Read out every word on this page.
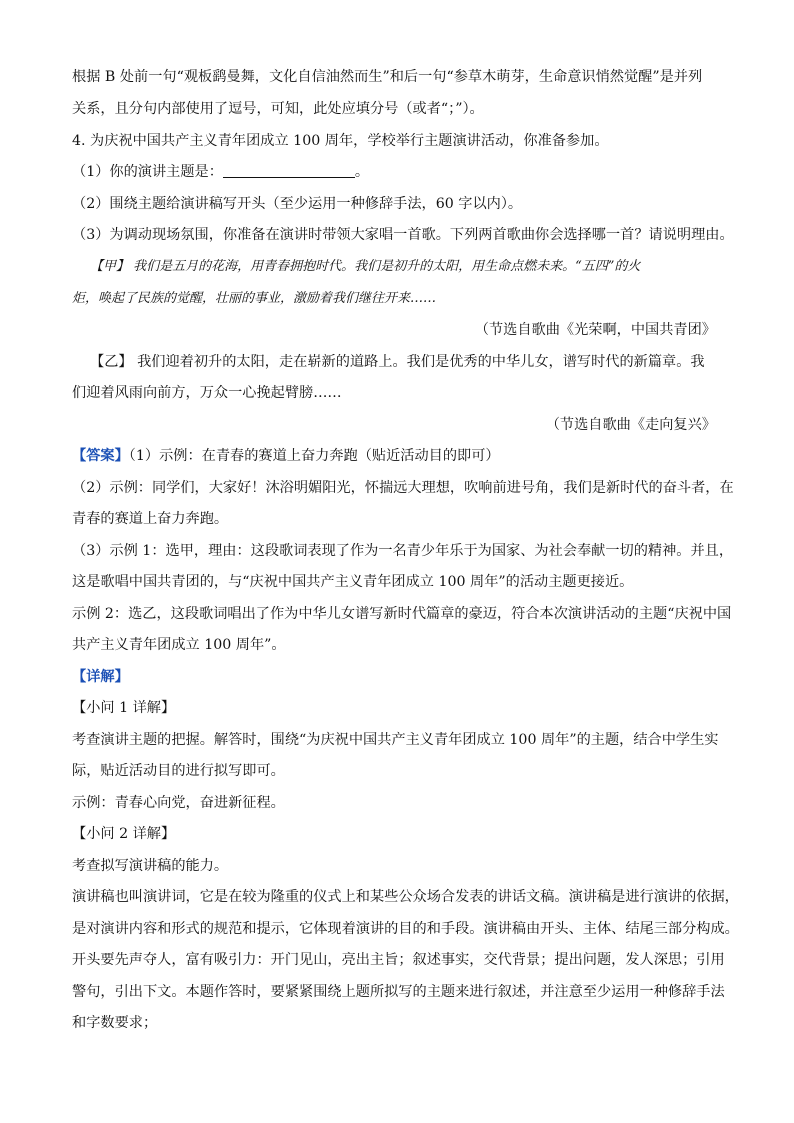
根据 B 处前一句“观板鹞曼舞，文化自信油然而生”和后一句“参草木萌芽，生命意识悄然觉醒”是并列
关系，且分句内部使用了逗号，可知，此处应填分号（或者“；”）。
4. 为庆祝中国共产主义青年团成立 100 周年，学校举行主题演讲活动，你准备参加。
（1）你的演讲主题是：	。
（2）围绕主题给演讲稿写开头（至少运用一种修辞手法，60 字以内）。
（3）为调动现场氛围，你准备在演讲时带领大家唱一首歌。下列两首歌曲你会选择哪一首？请说明理由。
【甲】 我们是五月的花海，用青春拥抱时代。我们是初升的太阳，用生命点燃未来。“五四”的火
炬，唤起了民族的觉醒，壮丽的事业，激励着我们继往开来……
（节选自歌曲《光荣啊，中国共青团》
【乙】 我们迎着初升的太阳，走在崭新的道路上。我们是优秀的中华儿女，谱写时代的新篇章。我
们迎着风雨向前方，万众一心挽起臂膀……
（节选自歌曲《走向复兴》
【答案】（1）示例：在青春的赛道上奋力奔跑（贴近活动目的即可）
（2）示例：同学们，大家好！沐浴明媚阳光，怀揣远大理想，吹响前进号角，我们是新时代的奋斗者，在
青春的赛道上奋力奔跑。
（3）示例 1：选甲，理由：这段歌词表现了作为一名青少年乐于为国家、为社会奉献一切的精神。并且，
这是歌唱中国共青团的，与“庆祝中国共产主义青年团成立 100 周年”的活动主题更接近。
示例 2：选乙，这段歌词唱出了作为中华儿女谱写新时代篇章的豪迈，符合本次演讲活动的主题“庆祝中国
共产主义青年团成立 100 周年”。
【详解】
【小问 1 详解】
考查演讲主题的把握。解答时，围绕“为庆祝中国共产主义青年团成立 100 周年”的主题，结合中学生实
际，贴近活动目的进行拟写即可。
示例：青春心向党，奋进新征程。
【小问 2 详解】
考查拟写演讲稿的能力。
演讲稿也叫演讲词，它是在较为隆重的仪式上和某些公众场合发表的讲话文稿。演讲稿是进行演讲的依据，
是对演讲内容和形式的规范和提示，它体现着演讲的目的和手段。演讲稿由开头、主体、结尾三部分构成。
开头要先声夺人，富有吸引力：开门见山，亮出主旨；叙述事实，交代背景；提出问题，发人深思；引用
警句，引出下文。本题作答时，要紧紧围绕上题所拟写的主题来进行叙述，并注意至少运用一种修辞手法
和字数要求；
